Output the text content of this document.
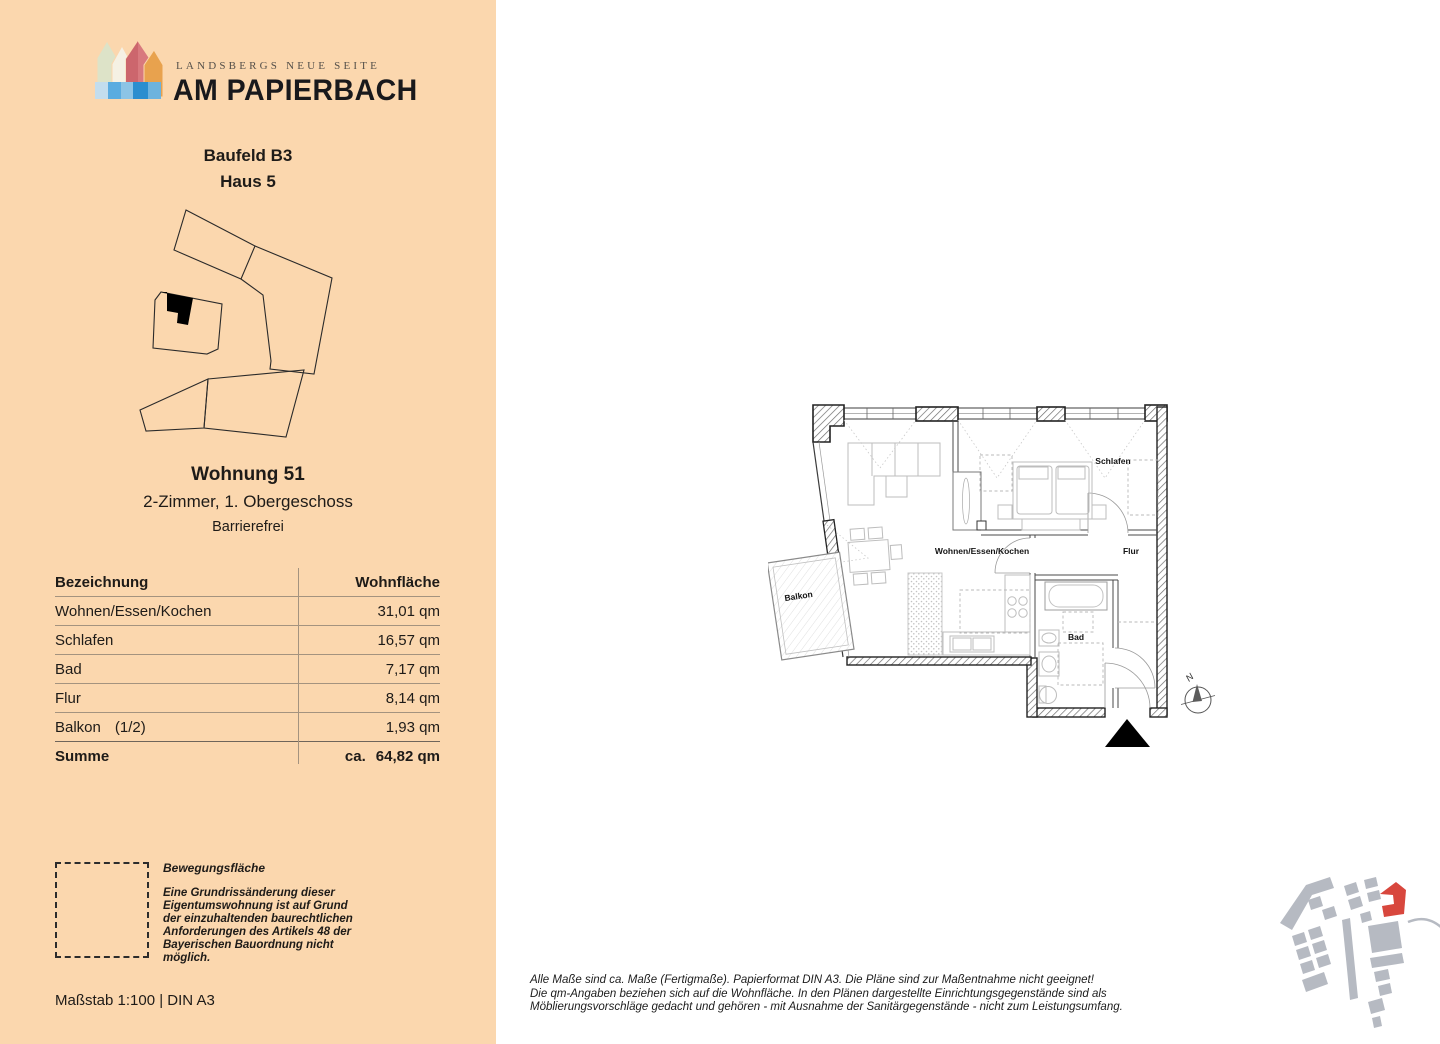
LANDSBERGS NEUE SEITE
AM PAPIERBACH
Baufeld B3
Haus 5
Wohnung 51
2-Zimmer, 1. Obergeschoss
Barrierefrei
Bezeichnung	Wohnfläche
Wohnen/Essen/Kochen	31,01 qm
Schlafen	16,57 qm
Bad	7,17 qm
Flur	8,14 qm
Balkon (1/2)	1,93 qm
Summe	ca. 64,82 qm
Bewegungsfläche
Eine Grundrissänderung dieser Eigentumswohnung ist auf Grund der einzuhaltenden baurechtlichen Anforderungen des Artikels 48 der Bayerischen Bauordnung nicht möglich.
Maßstab 1:100 | DIN A3
Balkon
Wohnen/Essen/Kochen
Schlafen
Flur
Bad
N
Alle Maße sind ca. Maße (Fertigmaße). Papierformat DIN A3. Die Pläne sind zur Maßentnahme nicht geeignet!
Die qm-Angaben beziehen sich auf die Wohnfläche. In den Plänen dargestellte Einrichtungsgegenstände sind als
Möblierungsvorschläge gedacht und gehören - mit Ausnahme der Sanitärgegenstände - nicht zum Leistungsumfang.
